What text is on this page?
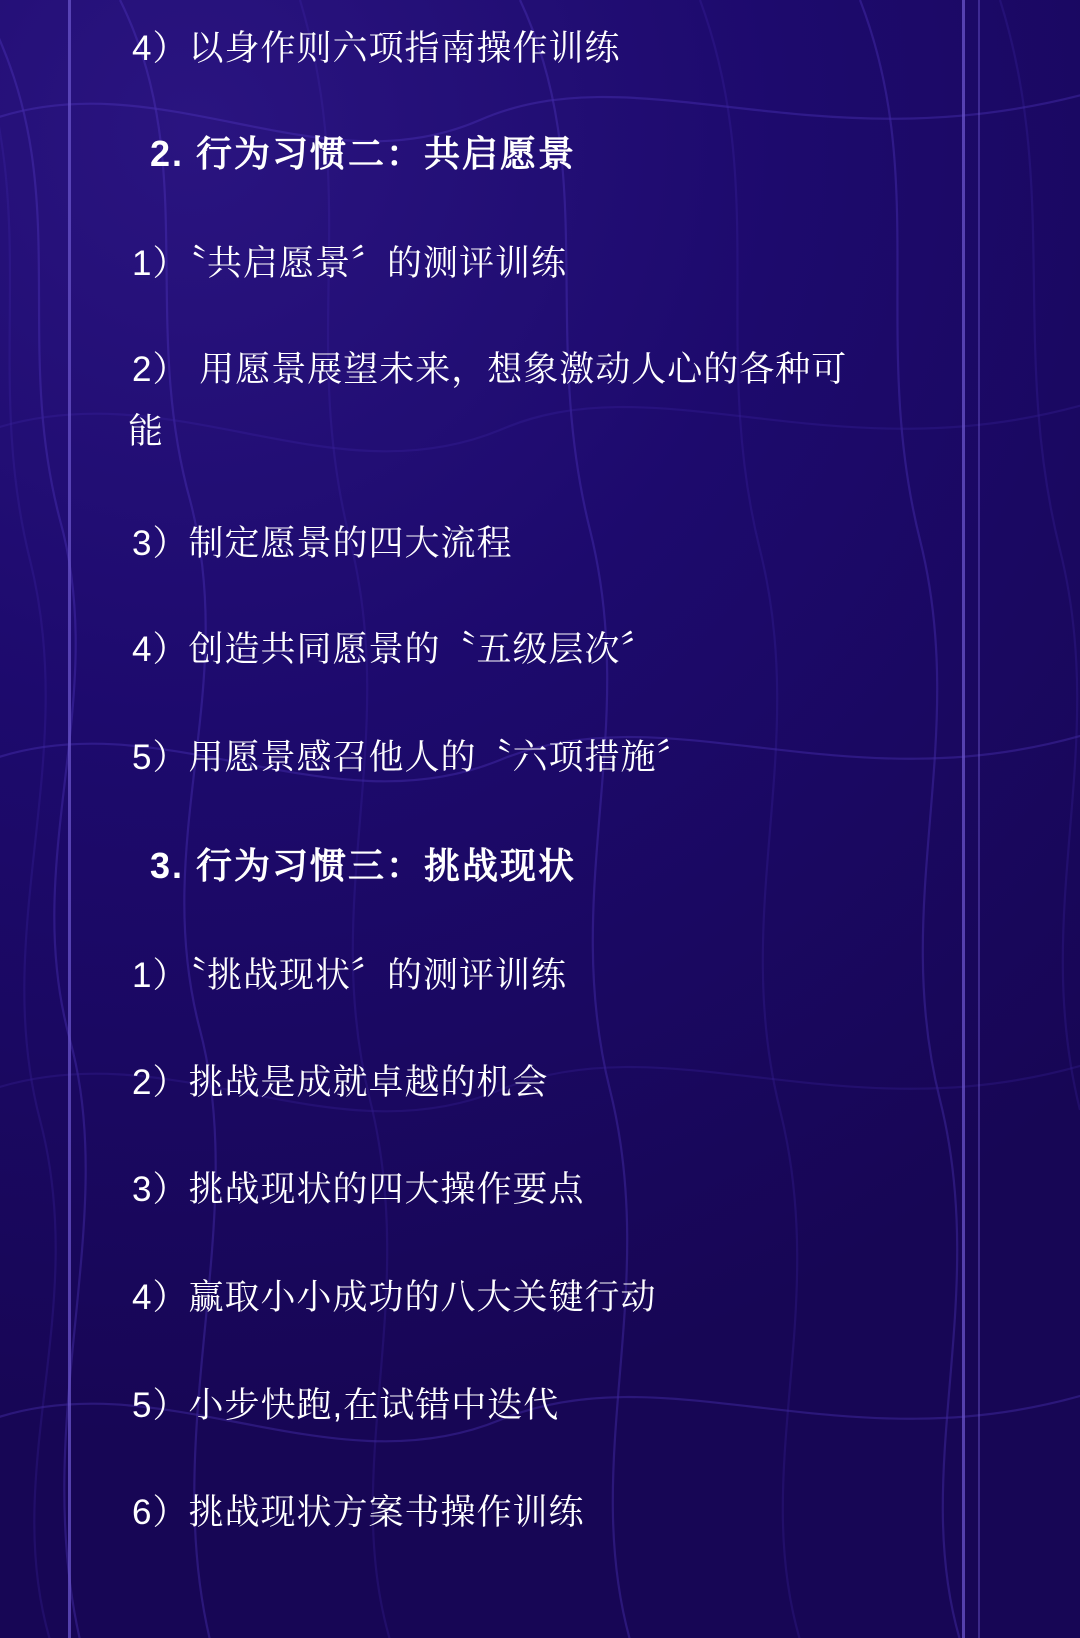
4）以身作则六项指南操作训练
2. 行为习惯二：共启愿景
1）〝共启愿景〞的测评训练
2） 用愿景展望未来，想象激动人心的各种可
能
3）制定愿景的四大流程
4）创造共同愿景的〝五级层次〞
5）用愿景感召他人的〝六项措施〞
3. 行为习惯三：挑战现状
1）〝挑战现状〞的测评训练
2）挑战是成就卓越的机会
3）挑战现状的四大操作要点
4）赢取小小成功的八大关键行动
5）小步快跑,在试错中迭代
6）挑战现状方案书操作训练
